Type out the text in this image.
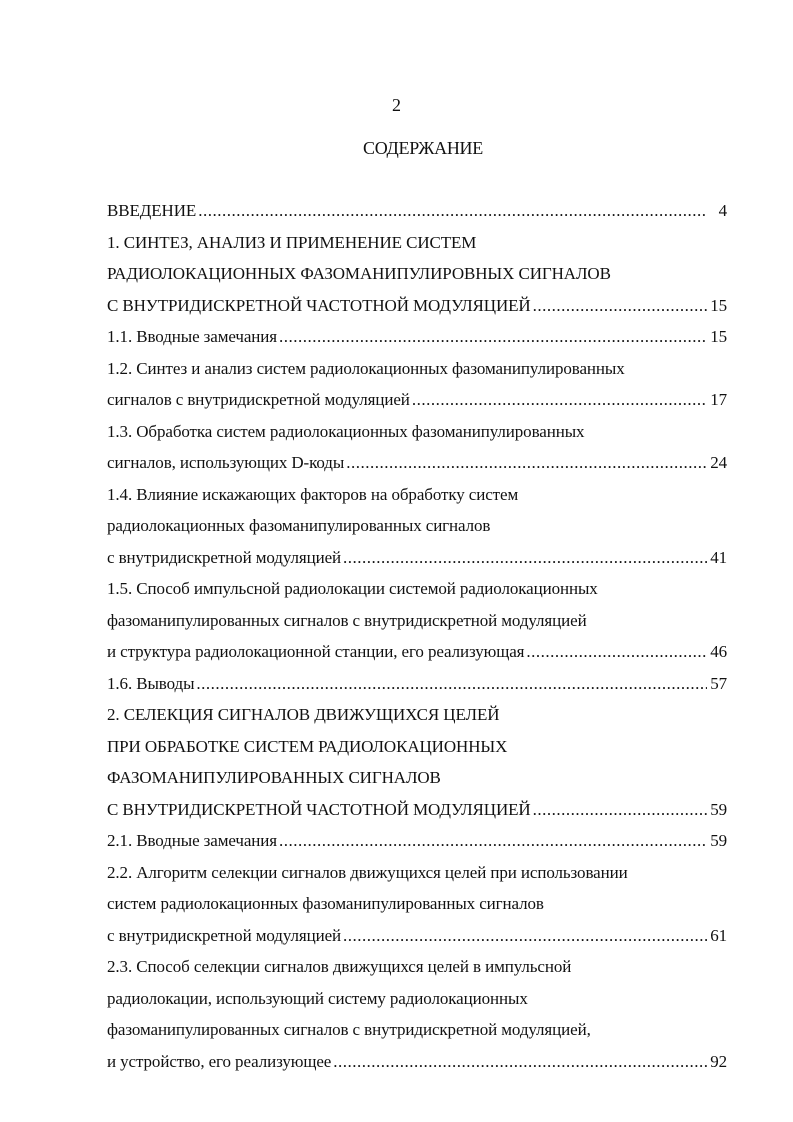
2
СОДЕРЖАНИЕ
ВВЕДЕНИЕ .....	4
1. СИНТЕЗ, АНАЛИЗ И ПРИМЕНЕНИЕ СИСТЕМ
РАДИОЛОКАЦИОННЫХ ФАЗОМАНИПУЛИРОВНЫХ СИГНАЛОВ
С ВНУТРИДИСКРЕТНОЙ ЧАСТОТНОЙ МОДУЛЯЦИЕЙ .....	15
1.1. Вводные замечания .....	15
1.2. Синтез и анализ систем радиолокационных фазоманипулированных
сигналов с внутридискретной модуляцией .....	17
1.3. Обработка систем радиолокационных фазоманипулированных
сигналов, использующих D-коды .....	24
1.4. Влияние искажающих факторов на обработку систем
радиолокационных фазоманипулированных сигналов
с внутридискретной модуляцией .....	41
1.5. Способ импульсной радиолокации системой радиолокационных
фазоманипулированных сигналов с внутридискретной модуляцией
и структура радиолокационной станции, его реализующая .....	46
1.6. Выводы .....	57
2. СЕЛЕКЦИЯ СИГНАЛОВ ДВИЖУЩИХСЯ ЦЕЛЕЙ
ПРИ ОБРАБОТКЕ СИСТЕМ РАДИОЛОКАЦИОННЫХ
ФАЗОМАНИПУЛИРОВАННЫХ СИГНАЛОВ
С ВНУТРИДИСКРЕТНОЙ ЧАСТОТНОЙ МОДУЛЯЦИЕЙ .....	59
2.1. Вводные замечания .....	59
2.2. Алгоритм селекции сигналов движущихся целей при использовании
систем радиолокационных фазоманипулированных сигналов
с внутридискретной модуляцией .....	61
2.3. Способ селекции сигналов движущихся целей в импульсной
радиолокации, использующий систему радиолокационных
фазоманипулированных сигналов с внутридискретной модуляцией,
и устройство, его реализующее .....	92
